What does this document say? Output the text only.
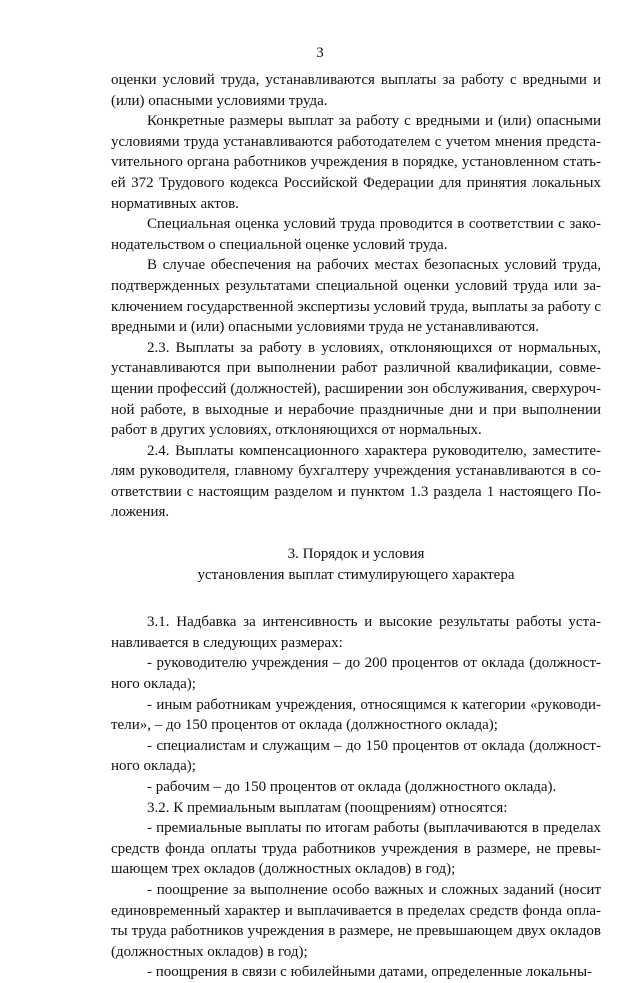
3

оценки условий труда, устанавливаются выплаты за работу с вредными и (или) опасными условиями труда.

Конкретные размеры выплат за работу с вредными и (или) опасными условиями труда устанавливаются работодателем с учетом мнения предстаvительного органа работников учреждения в порядке, установленном статьей 372 Трудового кодекса Российской Федерации для принятия локальных нормативных актов.

Специальная оценка условий труда проводится в соответствии с законодательством о специальной оценке условий труда.

В случае обеспечения на рабочих местах безопасных условий труда, подтвержденных результатами специальной оценки условий труда или заключением государственной экспертизы условий труда, выплаты за работу с вредными и (или) опасными условиями труда не устанавливаются.

2.3. Выплаты за работу в условиях, отклоняющихся от нормальных, устанавливаются при выполнении работ различной квалификации, совмещении профессий (должностей), расширении зон обслуживания, сверхурочной работе, в выходные и нерабочие праздничные дни и при выполнении работ в других условиях, отклоняющихся от нормальных.

2.4. Выплаты компенсационного характера руководителю, заместителям руководителя, главному бухгалтеру учреждения устанавливаются в соответствии с настоящим разделом и пунктом 1.3 раздела 1 настоящего Положения.

3. Порядок и условия

установления выплат стимулирующего характера

3.1. Надбавка за интенсивность и высокие результаты работы устанавливается в следующих размерах:

- руководителю учреждения – до 200 процентов от оклада (должностного оклада);

- иным работникам учреждения, относящимся к категории «руководители», – до 150 процентов от оклада (должностного оклада);

- специалистам и служащим – до 150 процентов от оклада (должностного оклада);

- рабочим – до 150 процентов от оклада (должностного оклада).

3.2. К премиальным выплатам (поощрениям) относятся:

- премиальные выплаты по итогам работы (выплачиваются в пределах средств фонда оплаты труда работников учреждения в размере, не превышающем трех окладов (должностных окладов) в год);

- поощрение за выполнение особо важных и сложных заданий (носит единовременный характер и выплачивается в пределах средств фонда оплаты труда работников учреждения в размере, не превышающем двух окладов (должностных окладов) в год);

- поощрения в связи с юбилейными датами, определенные локальны-
